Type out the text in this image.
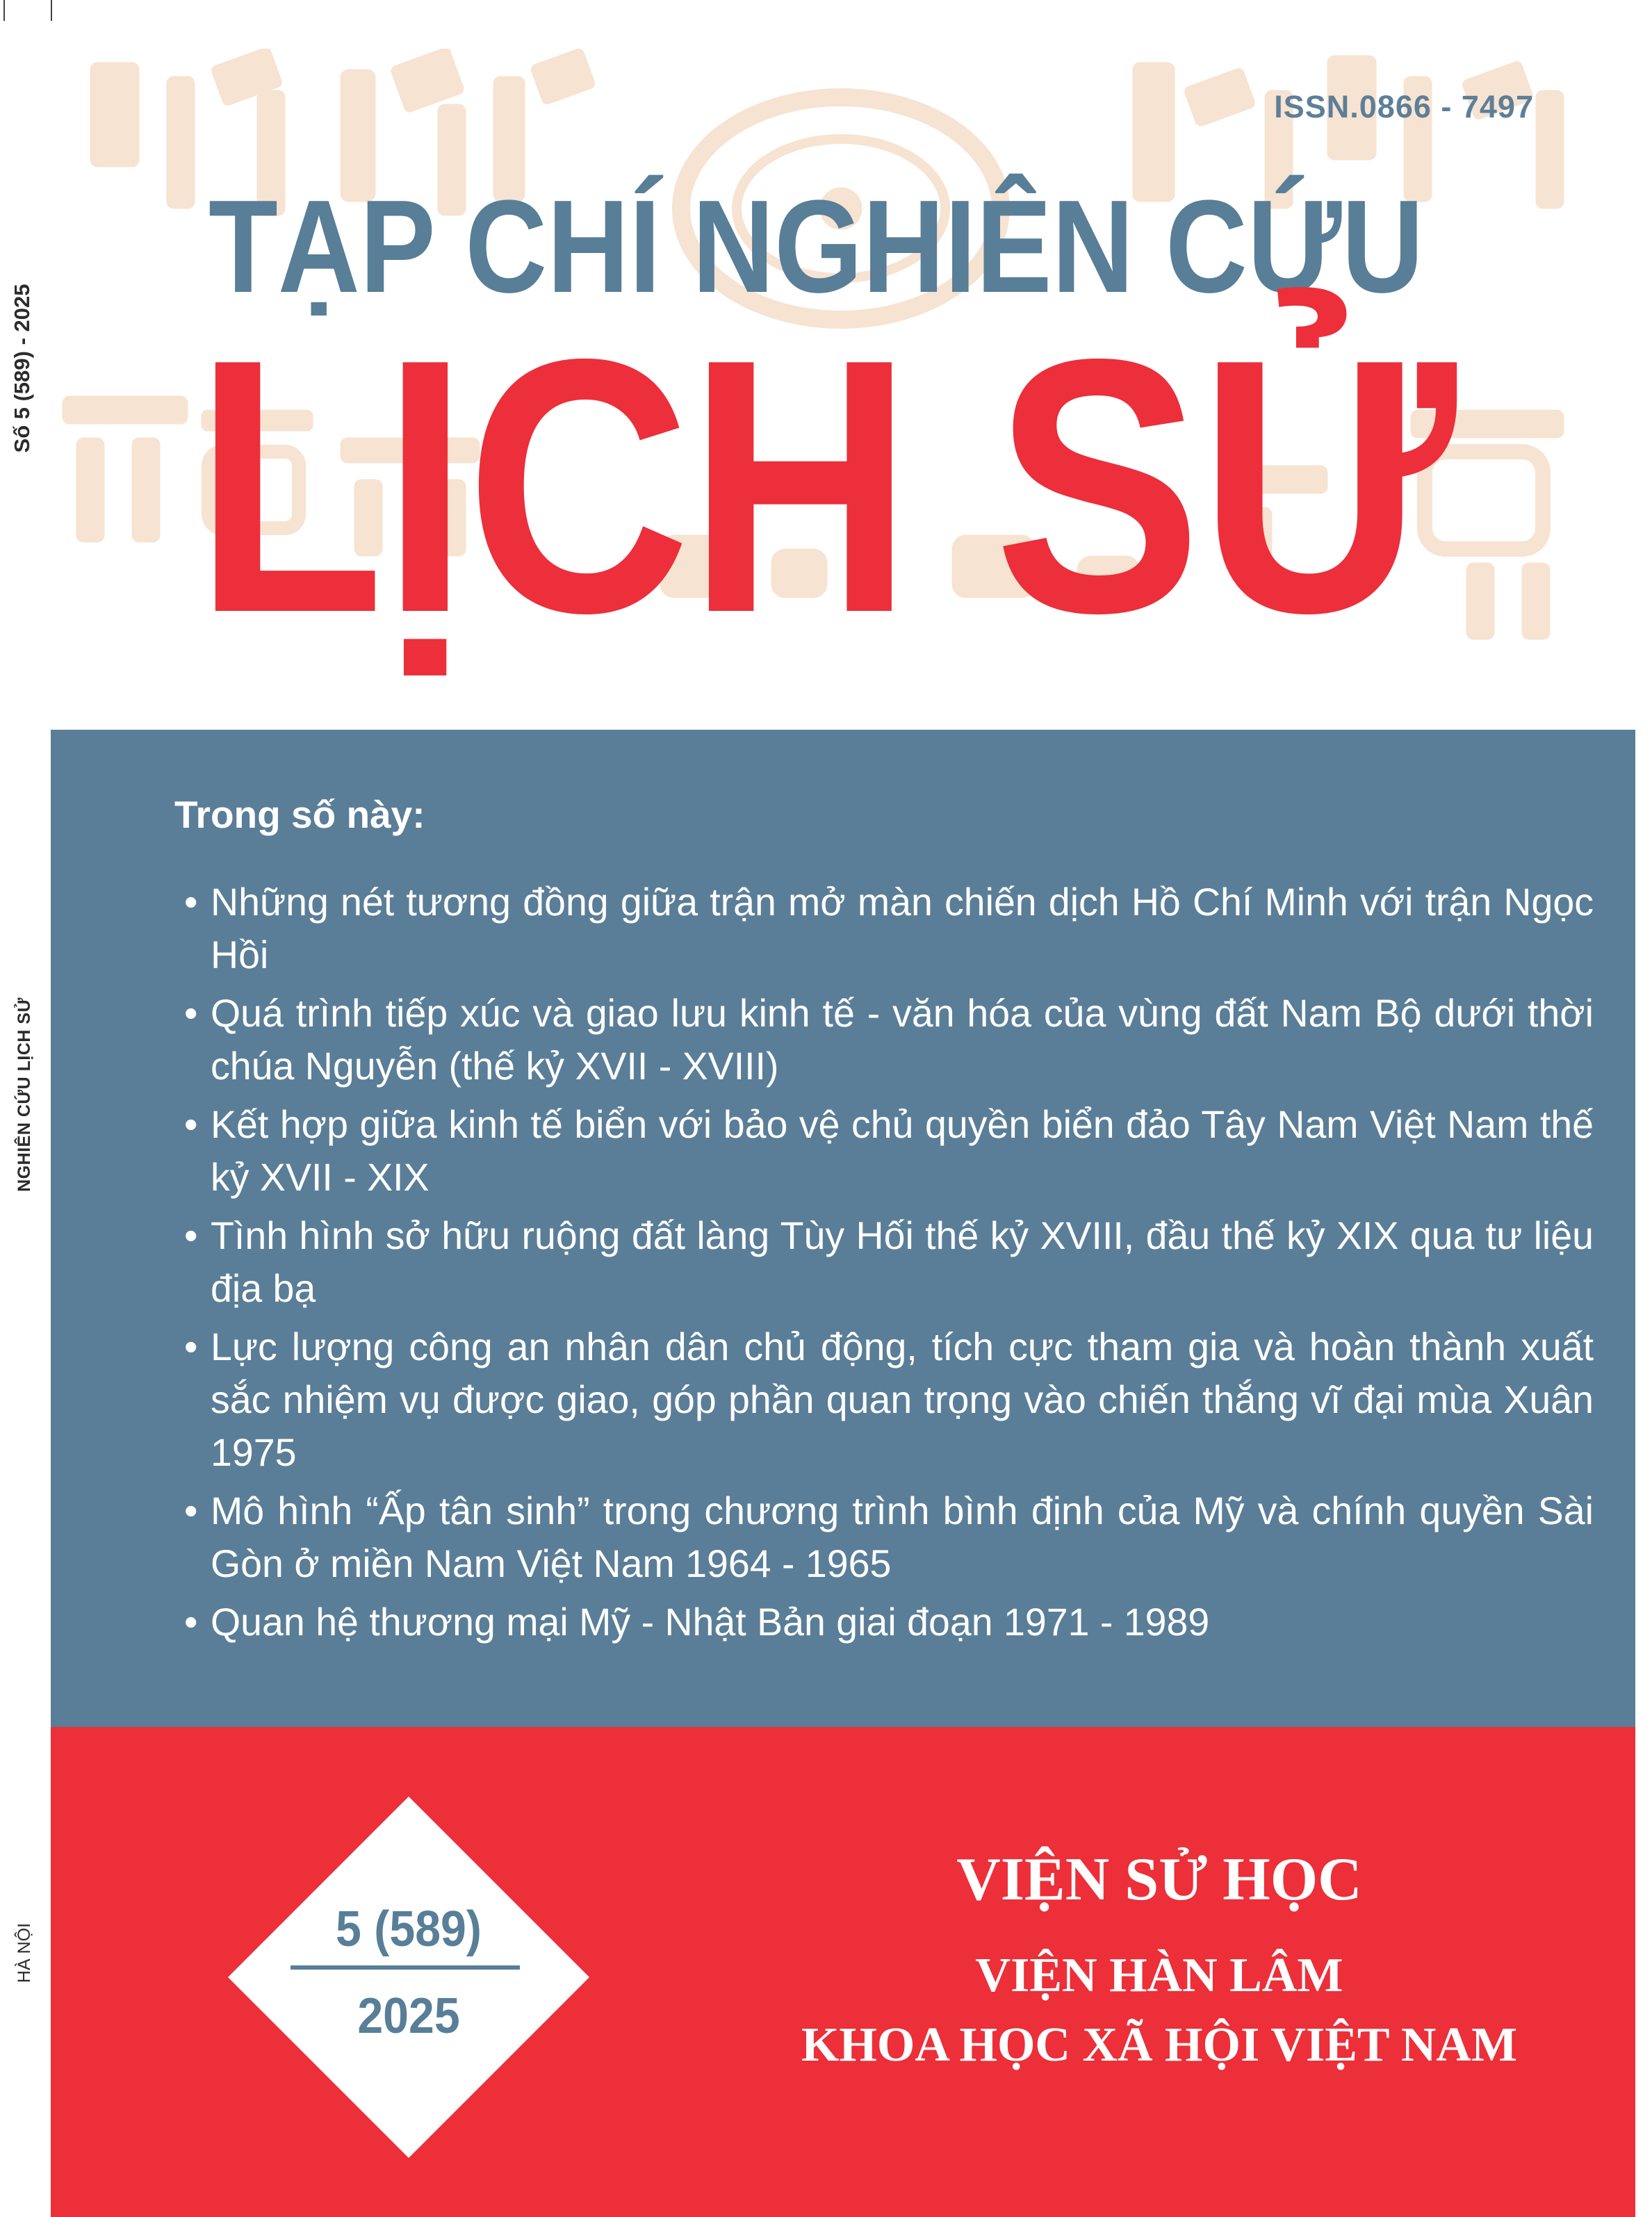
Số 5 (589) - 2025
NGHIÊN CỨU LỊCH SỬ
HÀ NỘI
ISSN.0866 - 7497
TẠP CHÍ NGHIÊN CỨU
LỊCH SỬ
Trong số này:
• Những nét tương đồng giữa trận mở màn chiến dịch Hồ Chí Minh với trận Ngọc Hồi
• Quá trình tiếp xúc và giao lưu kinh tế - văn hóa của vùng đất Nam Bộ dưới thời chúa Nguyễn (thế kỷ XVII - XVIII)
• Kết hợp giữa kinh tế biển với bảo vệ chủ quyền biển đảo Tây Nam Việt Nam thế kỷ XVII - XIX
• Tình hình sở hữu ruộng đất làng Tùy Hối thế kỷ XVIII, đầu thế kỷ XIX qua tư liệu địa bạ
• Lực lượng công an nhân dân chủ động, tích cực tham gia và hoàn thành xuất sắc nhiệm vụ được giao, góp phần quan trọng vào chiến thắng vĩ đại mùa Xuân 1975
• Mô hình “Ấp tân sinh” trong chương trình bình định của Mỹ và chính quyền Sài Gòn ở miền Nam Việt Nam 1964 - 1965
• Quan hệ thương mại Mỹ - Nhật Bản giai đoạn 1971 - 1989
5 (589)
2025
VIỆN SỬ HỌC
VIỆN HÀN LÂM
KHOA HỌC XÃ HỘI VIỆT NAM
